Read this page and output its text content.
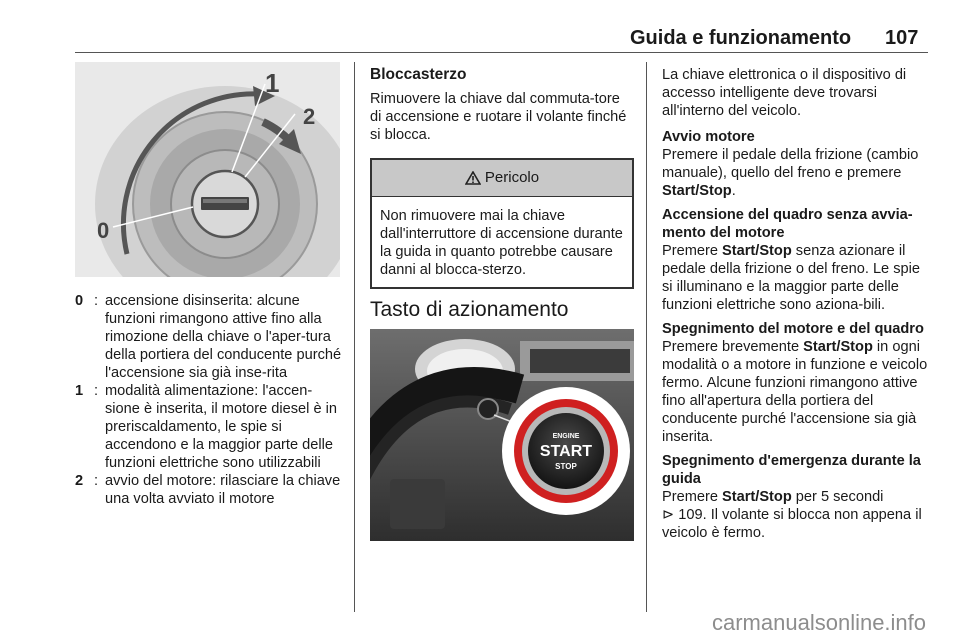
Guida e funzionamento 107
1
2
0
0 : accensione disinserita: alcune funzioni rimangono attive fino alla rimozione della chiave o l'aper-tura della portiera del conducente purché l'accensione sia già inse-rita
1 : modalità alimentazione: l'accen-sione è inserita, il motore diesel è in preriscaldamento, le spie si accendono e la maggior parte delle funzioni elettriche sono utilizzabili
2 : avvio del motore: rilasciare la chiave una volta avviato il motore
Bloccasterzo
Rimuovere la chiave dal commuta-tore di accensione e ruotare il volante finché si blocca.
Pericolo
Non rimuovere mai la chiave dall'interruttore di accensione durante la guida in quanto potrebbe causare danni al blocca-sterzo.
Tasto di azionamento
ENGINE
START
STOP
La chiave elettronica o il dispositivo di accesso intelligente deve trovarsi all'interno del veicolo.
Avvio motore
Premere il pedale della frizione (cambio manuale), quello del freno e premere Start/Stop.
Accensione del quadro senza avvia-mento del motore
Premere Start/Stop senza azionare il pedale della frizione o del freno. Le spie si illuminano e la maggior parte delle funzioni elettriche sono aziona-bili.
Spegnimento del motore e del quadro
Premere brevemente Start/Stop in ogni modalità o a motore in funzione e veicolo fermo. Alcune funzioni rimangono attive fino all'apertura della portiera del conducente purché l'accensione sia già inserita.
Spegnimento d'emergenza durante la guida
Premere Start/Stop per 5 secondi
⊳ 109. Il volante si blocca non appena il veicolo è fermo.
carmanualsonline.info
